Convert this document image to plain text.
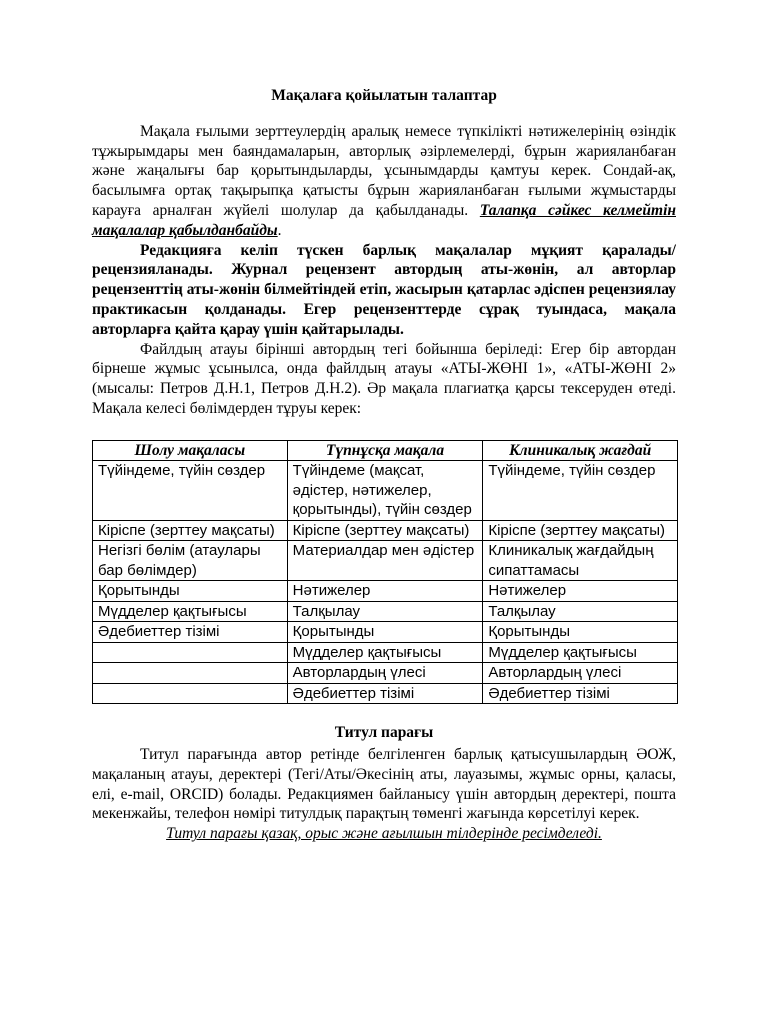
Мақалаға қойылатын талаптар

Мақала ғылыми зерттеулердің аралық немесе түпкілікті нәтижелерінің өзіндік тұжырымдары мен баяндамаларын, авторлық әзірлемелерді, бұрын жарияланбаған және жаңалығы бар қорытындыларды, ұсынымдарды қамтуы керек. Сондай-ақ, басылымға ортақ тақырыпқа қатысты бұрын жарияланбаған ғылыми жұмыстарды карауға арналған жүйелі шолулар да қабылданады. Талапқа сәйкес келмейтін мақалалар қабылданбайды.

Редакцияға келіп түскен барлық мақалалар мұқият қаралады/рецензияланады. Журнал рецензент автордың аты-жөнін, ал авторлар рецензенттің аты-жөнін білмейтіндей етіп, жасырын қатарлас әдіспен рецензиялау практикасын қолданады. Егер рецензенттерде сұрақ туындаса, мақала авторларға қайта қарау үшін қайтарылады.

Файлдың атауы бірінші автордың тегі бойынша беріледі: Егер бір автордан бірнеше жұмыс ұсынылса, онда файлдың атауы «АТЫ-ЖӨНІ 1», «АТЫ-ЖӨНІ 2» (мысалы: Петров Д.Н.1, Петров Д.Н.2). Әр мақала плагиатқа қарсы тексеруден өтеді. Мақала келесі бөлімдерден тұруы керек:

Шолу мақаласы	Түпнұсқа мақала	Клиникалық жағдай
Түйіндеме, түйін сөздер	Түйіндеме (мақсат, әдістер, нәтижелер, қорытынды), түйін сөздер	Түйіндеме, түйін сөздер
Кіріспе (зерттеу мақсаты)	Кіріспе (зерттеу мақсаты)	Кіріспе (зерттеу мақсаты)
Негізгі бөлім (атаулары бар бөлімдер)	Материалдар мен әдістер	Клиникалық жағдайдың сипаттамасы
Қорытынды	Нәтижелер	Нәтижелер
Мүдделер қақтығысы	Талқылау	Талқылау
Әдебиеттер тізімі	Қорытынды	Қорытынды
	Мүдделер қақтығысы	Мүдделер қақтығысы
	Авторлардың үлесі	Авторлардың үлесі
	Әдебиеттер тізімі	Әдебиеттер тізімі

Титул парағы

Титул парағында автор ретінде белгіленген барлық қатысушылардың ӘОЖ, мақаланың атауы, деректері (Тегі/Аты/Әкесінің аты, лауазымы, жұмыс орны, қаласы, елі, e-mail, ORCID) болады. Редакциямен байланысу үшін автордың деректері, пошта мекенжайы, телефон нөмірі титулдық парақтың төменгі жағында көрсетілуі керек.

Титул парағы қазақ, орыс және ағылшын тілдерінде ресімделеді.
